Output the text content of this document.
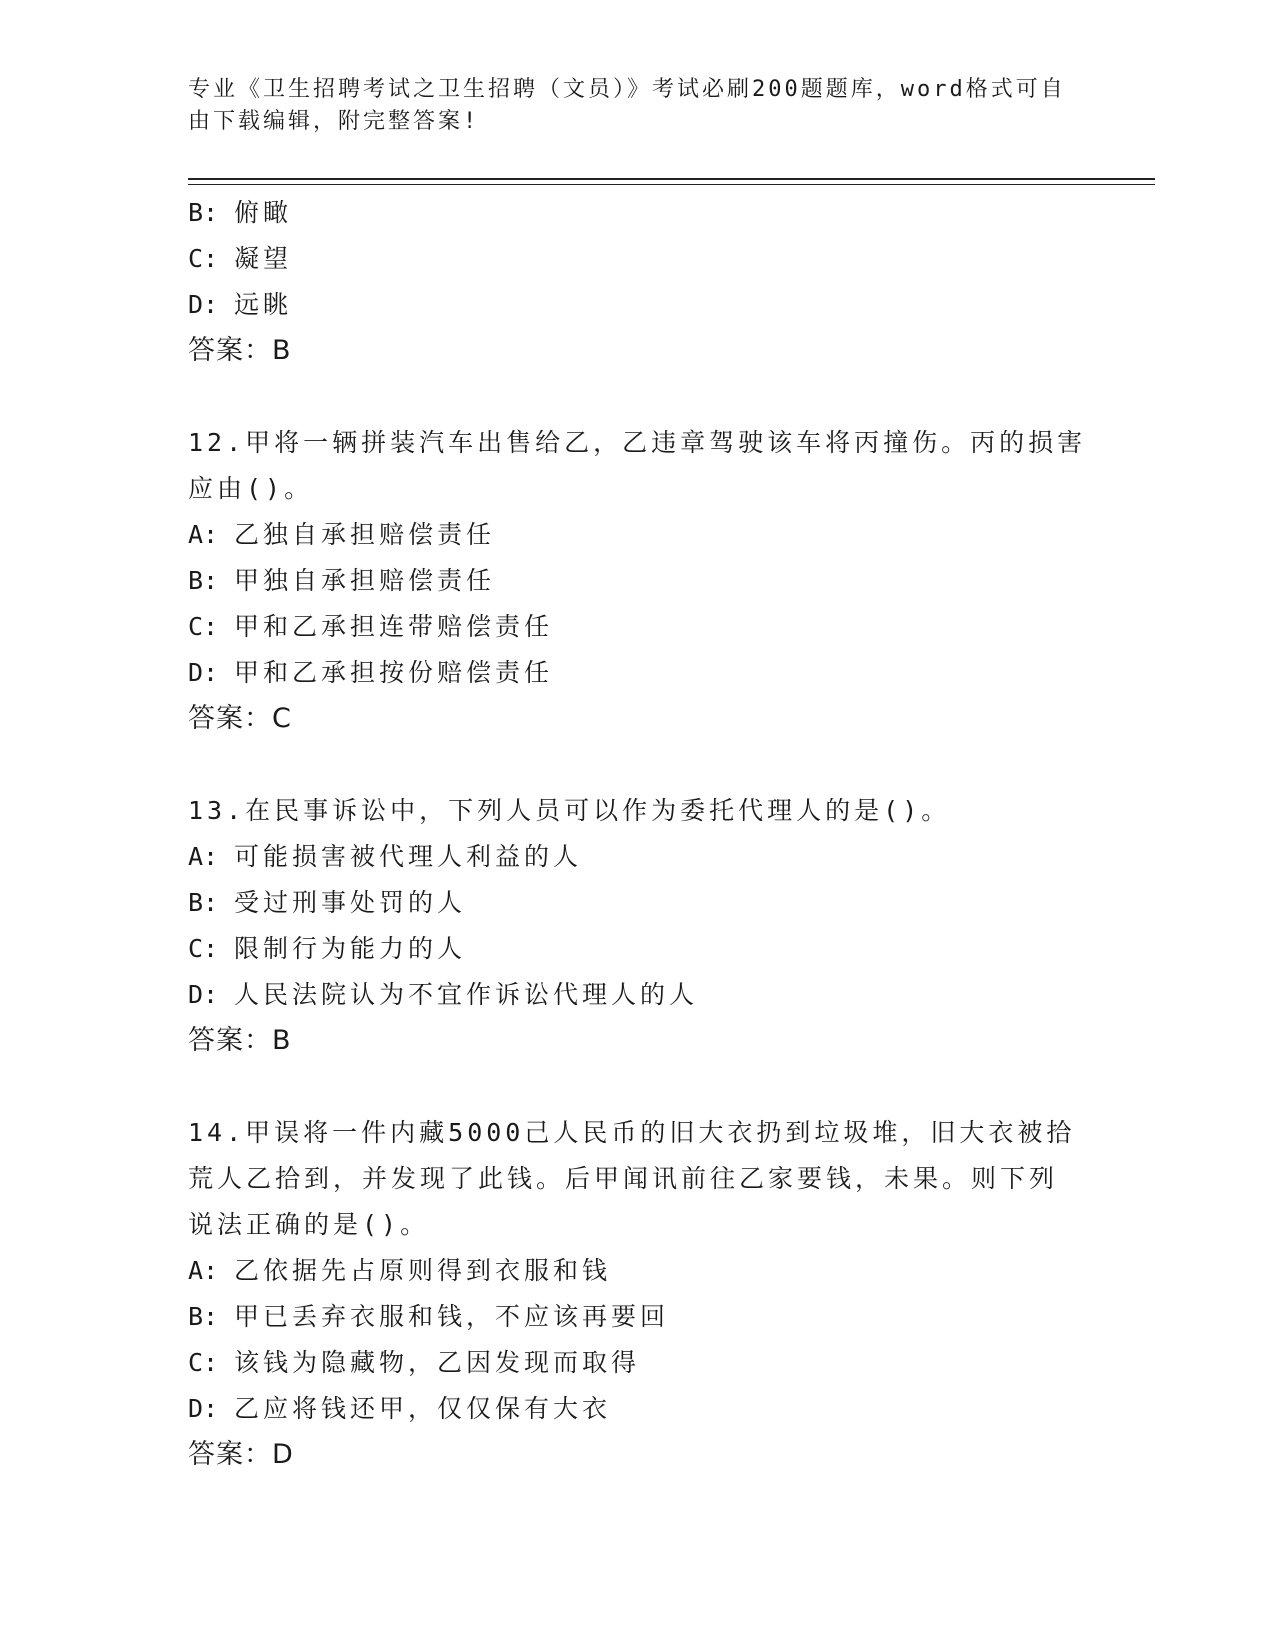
专业《卫生招聘考试之卫生招聘（文员）》考试必刷200题题库，word格式可自
由下载编辑，附完整答案!
B: 俯瞰
C: 凝望
D: 远眺
答案：B
12.甲将一辆拼装汽车出售给乙，乙违章驾驶该车将丙撞伤。丙的损害
应由()。
A: 乙独自承担赔偿责任
B: 甲独自承担赔偿责任
C: 甲和乙承担连带赔偿责任
D: 甲和乙承担按份赔偿责任
答案：C
13.在民事诉讼中，下列人员可以作为委托代理人的是()。
A: 可能损害被代理人利益的人
B: 受过刑事处罚的人
C: 限制行为能力的人
D: 人民法院认为不宜作诉讼代理人的人
答案：B
14.甲误将一件内藏5000己人民币的旧大衣扔到垃圾堆，旧大衣被拾
荒人乙拾到，并发现了此钱。后甲闻讯前往乙家要钱，未果。则下列
说法正确的是()。
A: 乙依据先占原则得到衣服和钱
B: 甲已丢弃衣服和钱，不应该再要回
C: 该钱为隐藏物，乙因发现而取得
D: 乙应将钱还甲，仅仅保有大衣
答案：D
